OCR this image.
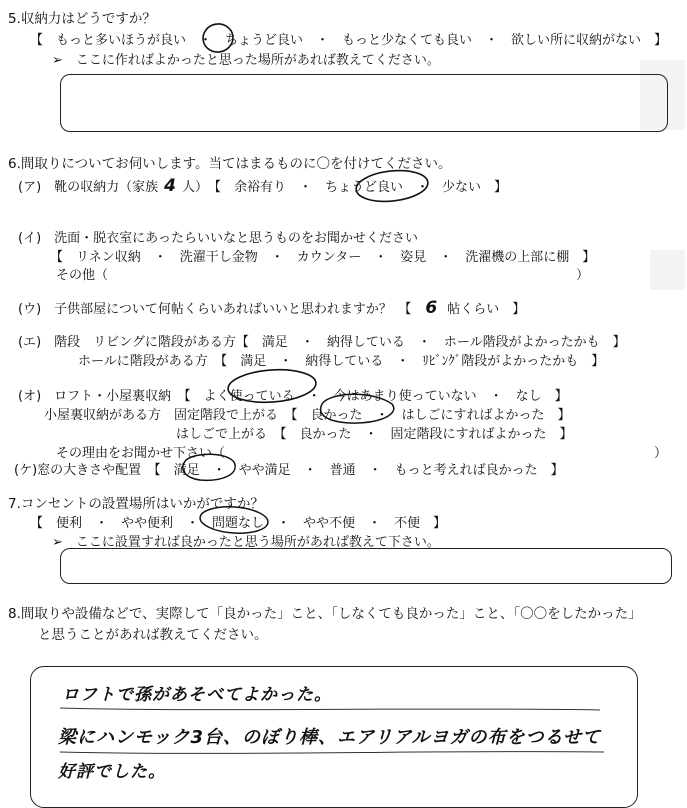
5.収納力はどうですか？
【　もっと多いほうが良い　・　ちょうど良い　・　もっと少なくても良い　・　欲しい所に収納がない　】
➢　ここに作ればよかったと思った場所があれば教えてください。
6.間取りについてお伺いします。当てはまるものに〇を付けてください。
(ア)　靴の収納力（家族 4 人）　【　余裕有り　・　ちょうど良い　・　少ない　】
(イ)　洗面・脱衣室にあったらいいなと思うものをお聞かせください
【　リネン収納　・　洗濯干し金物　・　カウンター　・　姿見　・　洗濯機の上部に棚　】
その他（	）
(ウ)　子供部屋について何帖くらいあればいいと思われますか？　【 6 帖くらい　】
(エ)　階段　リビングに階段がある方【　満足　・　納得している　・　ホール階段がよかったかも　】
ホールに階段がある方　【　満足　・　納得している　・　ﾘﾋﾞﾝｸﾞ階段がよかったかも　】
(オ)　ロフト・小屋裏収納　【　よく使っている　・　今はあまり使っていない　・　なし　】
小屋裏収納がある方　固定階段で上がる　【　良かった　・　はしごにすればよかった　】
はしごで上がる　【　良かった　・　固定階段にすればよかった　】
その理由をお聞かせ下さい（	）
(ケ)窓の大きさや配置　【　満足　・　やや満足　・　普通　・　もっと考えれば良かった　】
7.コンセントの設置場所はいかがですか？
【　便利　・　やや便利　・　問題なし　・　やや不便　・　不便　】
➢　ここに設置すれば良かったと思う場所があれば教えて下さい。
8.間取りや設備などで、実際して「良かった」こと、「しなくても良かった」こと、「〇〇をしたかった」
と思うことがあれば教えてください。
ロフトで孫があそべてよかった。
梁にハンモック3台、のぼり棒、エアリアルヨガの布をつるせて
好評でした。
